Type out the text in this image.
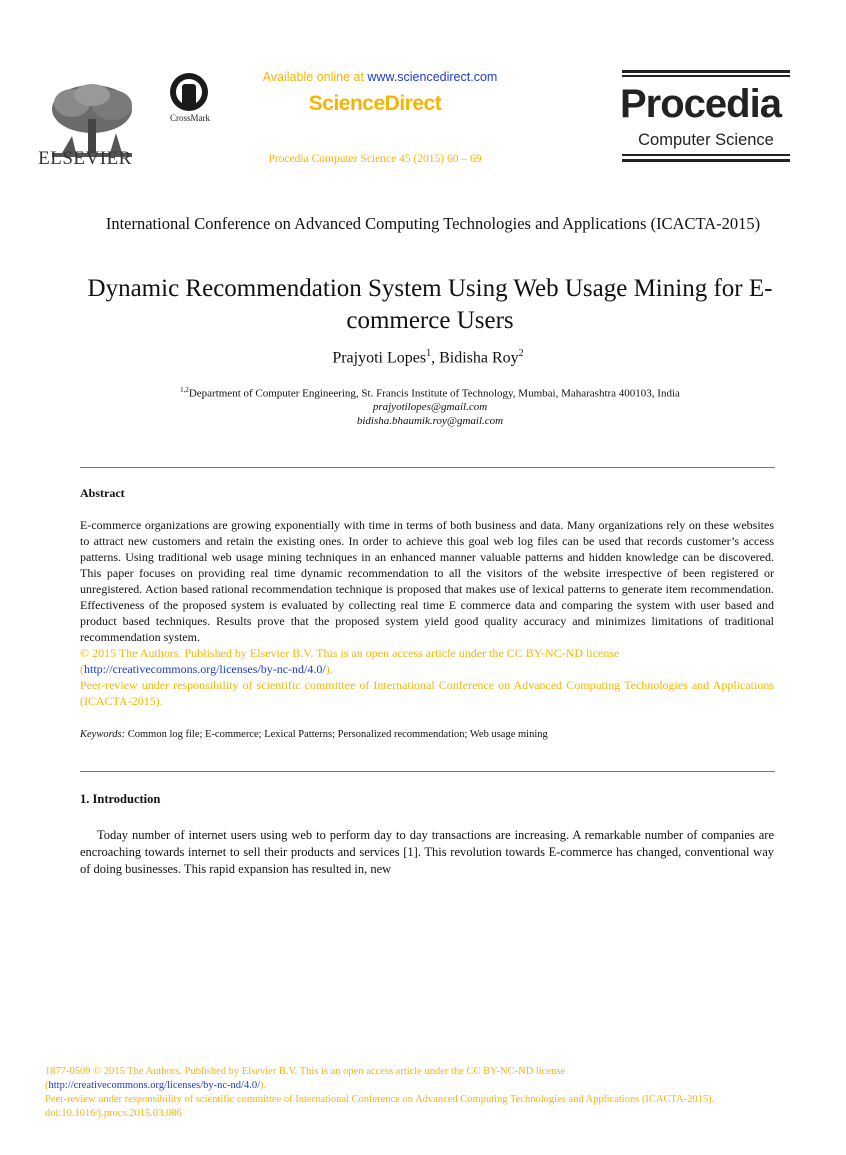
ELSEVIER
CrossMark
Available online at www.sciencedirect.com
ScienceDirect
Procedia Computer Science 45 (2015) 60 – 69
Procedia
Computer Science
International Conference on Advanced Computing Technologies and Applications (ICACTA-2015)
Dynamic Recommendation System Using Web Usage Mining for E-commerce Users
Prajyoti Lopes$^1$, Bidisha Roy$^2$
$^{1,2}$Department of Computer Engineering, St. Francis Institute of Technology, Mumbai, Maharashtra 400103, India
prajyotilopes@gmail.com
bidisha.bhaumik.roy@gmail.com
Abstract
E-commerce organizations are growing exponentially with time in terms of both business and data. Many organizations rely on these websites to attract new customers and retain the existing ones. In order to achieve this goal web log files can be used that records customer’s access patterns. Using traditional web usage mining techniques in an enhanced manner valuable patterns and hidden knowledge can be discovered. This paper focuses on providing real time dynamic recommendation to all the visitors of the website irrespective of been registered or unregistered. Action based rational recommendation technique is proposed that makes use of lexical patterns to generate item recommendation. Effectiveness of the proposed system is evaluated by collecting real time E commerce data and comparing the system with user based and product based techniques. Results prove that the proposed system yield good quality accuracy and minimizes limitations of traditional recommendation system.
© 2015 The Authors. Published by Elsevier B.V. This is an open access article under the CC BY-NC-ND license
(http://creativecommons.org/licenses/by-nc-nd/4.0/).
Peer-review under responsibility of scientific committee of International Conference on Advanced Computing Technologies and Applications (ICACTA-2015).
Keywords: Common log file; E-commerce; Lexical Patterns; Personalized recommendation; Web usage mining
1. Introduction
Today number of internet users using web to perform day to day transactions are increasing. A remarkable number of companies are encroaching towards internet to sell their products and services [1]. This revolution towards E-commerce has changed, conventional way of doing businesses. This rapid expansion has resulted in, new
1877-0509 © 2015 The Authors. Published by Elsevier B.V. This is an open access article under the CC BY-NC-ND license
(http://creativecommons.org/licenses/by-nc-nd/4.0/).
Peer-review under responsibility of scientific committee of International Conference on Advanced Computing Technologies and Applications (ICACTA-2015).
doi:10.1016/j.procs.2015.03.086
